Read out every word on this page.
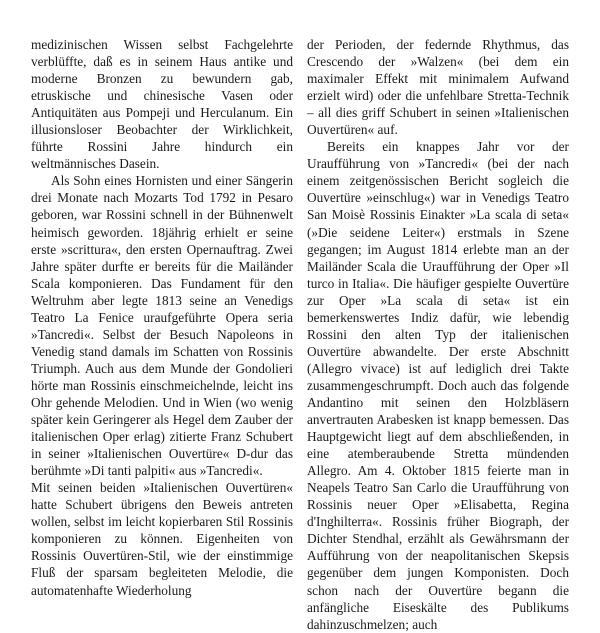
medizinischen Wissen selbst Fachgelehrte verblüffte, daß es in seinem Haus antike und moderne Bronzen zu bewundern gab, etruskische und chinesische Vasen oder Antiquitäten aus Pompeji und Herculanum. Ein illusionsloser Beobachter der Wirklichkeit, führte Rossini Jahre hindurch ein weltmännisches Dasein.

Als Sohn eines Hornisten und einer Sängerin drei Monate nach Mozarts Tod 1792 in Pesaro geboren, war Rossini schnell in der Bühnenwelt heimisch geworden. 18jährig erhielt er seine erste »scrittura«, den ersten Opernauftrag. Zwei Jahre später durfte er bereits für die Mailänder Scala komponieren. Das Fundament für den Weltruhm aber legte 1813 seine an Venedigs Teatro La Fenice uraufgeführte Opera seria »Tancredi«. Selbst der Besuch Napoleons in Venedig stand damals im Schatten von Rossinis Triumph. Auch aus dem Munde der Gondolieri hörte man Rossinis einschmeichelnde, leicht ins Ohr gehende Melodien. Und in Wien (wo wenig später kein Geringerer als Hegel dem Zauber der italienischen Oper erlag) zitierte Franz Schubert in seiner »Italienischen Ouvertüre« D-dur das berühmte »Di tanti palpiti« aus »Tancredi«.

Mit seinen beiden »Italienischen Ouvertüren« hatte Schubert übrigens den Beweis antreten wollen, selbst im leicht kopierbaren Stil Rossinis komponieren zu können. Eigenheiten von Rossinis Ouvertüren-Stil, wie der einstimmige Fluß der sparsam begleiteten Melodie, die automatenhafte Wiederholung

der Perioden, der federnde Rhythmus, das Crescendo der »Walzen« (bei dem ein maximaler Effekt mit minimalem Aufwand erzielt wird) oder die unfehlbare Stretta-Technik – all dies griff Schubert in seinen »Italienischen Ouvertüren« auf.

Bereits ein knappes Jahr vor der Uraufführung von »Tancredi« (bei der nach einem zeitgenössischen Bericht sogleich die Ouvertüre »einschlug«) war in Venedigs Teatro San Moisè Rossinis Einakter »La scala di seta« (»Die seidene Leiter«) erstmals in Szene gegangen; im August 1814 erlebte man an der Mailänder Scala die Uraufführung der Oper »Il turco in Italia«. Die häufiger gespielte Ouvertüre zur Oper »La scala di seta« ist ein bemerkenswertes Indiz dafür, wie lebendig Rossini den alten Typ der italienischen Ouvertüre abwandelte. Der erste Abschnitt (Allegro vivace) ist auf lediglich drei Takte zusammengeschrumpft. Doch auch das folgende Andantino mit seinen den Holzbläsern anvertrauten Arabesken ist knapp bemessen. Das Hauptgewicht liegt auf dem abschließenden, in eine atemberaubende Stretta mündenden Allegro. Am 4. Oktober 1815 feierte man in Neapels Teatro San Carlo die Uraufführung von Rossinis neuer Oper »Elisabetta, Regina d'Inghilterra«. Rossinis früher Biograph, der Dichter Stendhal, erzählt als Gewährsmann der Aufführung von der neapolitanischen Skepsis gegenüber dem jungen Komponisten. Doch schon nach der Ouvertüre begann die anfängliche Eiseskälte des Publikums dahinzuschmelzen; auch
